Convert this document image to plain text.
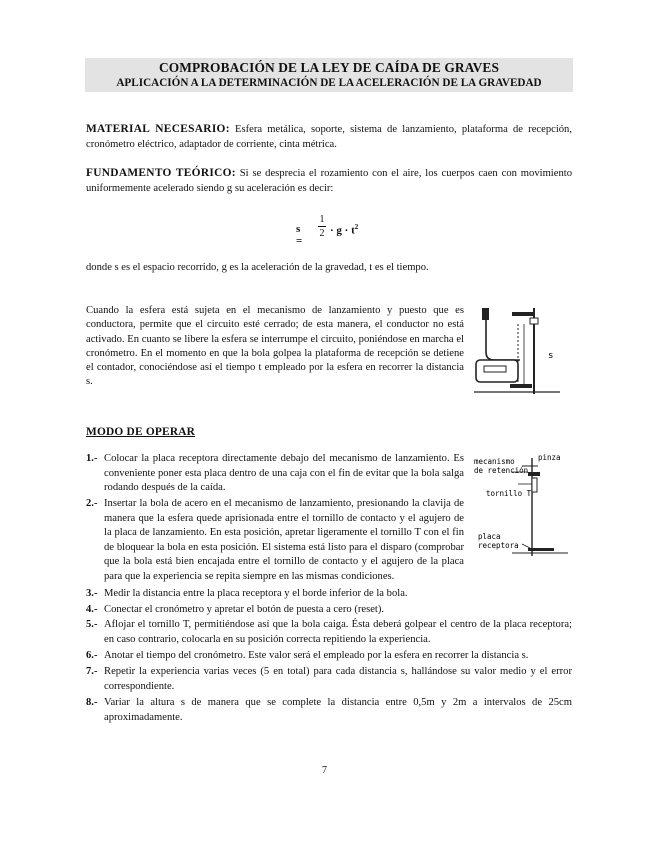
COMPROBACIÓN DE LA LEY DE CAÍDA DE GRAVES
APLICACIÓN A LA DETERMINACIÓN DE LA ACELERACIÓN DE LA GRAVEDAD
MATERIAL NECESARIO: Esfera metálica, soporte, sistema de lanzamiento, plataforma de recepción, cronómetro eléctrico, adaptador de corriente, cinta métrica.
FUNDAMENTO TEÓRICO: Si se desprecia el rozamiento con el aire, los cuerpos caen con movimiento uniformemente acelerado siendo g su aceleración es decir:
s =
1
$2 \cdot g \cdot t^2$
donde s es el espacio recorrido, g es la aceleración de la gravedad, t es el tiempo.
Cuando la esfera está sujeta en el mecanismo de lanzamiento y puesto que es conductora, permite que el circuito esté cerrado; de esta manera, el conductor no está activado. En cuanto se libere la esfera se interrumpe el circuito, poniéndose en marcha el cronómetro. En el momento en que la bola golpea la plataforma de recepción se detiene el contador, conociéndose así el tiempo t empleado por la esfera en recorrer la distancia s.
s
MODO DE OPERAR
mecanismo
de retención
pinza
tornillo T
placa
receptora
1.- Colocar la placa receptora directamente debajo del mecanismo de lanzamiento. Es conveniente poner esta placa dentro de una caja con el fin de evitar que la bola salga rodando después de la caída.
2.- Insertar la bola de acero en el mecanismo de lanzamiento, presionando la clavija de manera que la esfera quede aprisionada entre el tornillo de contacto y el agujero de la placa de lanzamiento. En esta posición, apretar ligeramente el tornillo T con el fin de bloquear la bola en esta posición. El sistema está listo para el disparo (comprobar que la bola está bien encajada entre el tornillo de contacto y el agujero de la placa para que la experiencia se repita siempre en las mismas condiciones.
3.- Medir la distancia entre la placa receptora y el borde inferior de la bola.
4.- Conectar el cronómetro y apretar el botón de puesta a cero (reset).
5.- Aflojar el tornillo T, permitiéndose así que la bola caiga. Ésta deberá golpear el centro de la placa receptora; en caso contrario, colocarla en su posición correcta repitiendo la experiencia.
6.- Anotar el tiempo del cronómetro. Este valor será el empleado por la esfera en recorrer la distancia s.
7.- Repetir la experiencia varias veces (5 en total) para cada distancia s, hallándose su valor medio y el error correspondiente.
8.- Variar la altura s de manera que se complete la distancia entre 0,5m y 2m a intervalos de 25cm aproximadamente.
7
